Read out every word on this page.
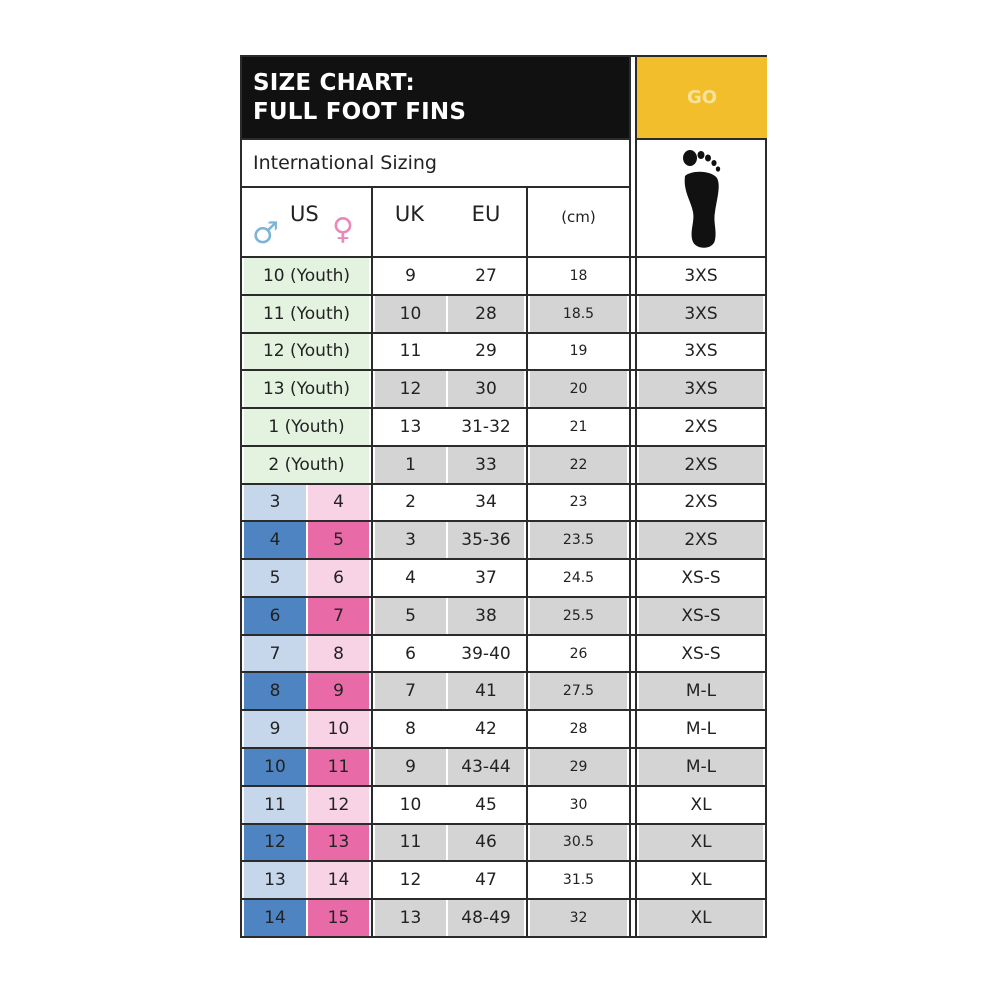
SIZE CHART:
FULL FOOT FINS
GO
International Sizing
♂
US ♀	UK	EU	(cm)
10 (Youth)	9	27	18	3XS
11 (Youth)	10	28	18.5	3XS
12 (Youth)	11	29	19	3XS
13 (Youth)	12	30	20	3XS
1 (Youth)	13	31-32	21	2XS
2 (Youth)	1	33	22	2XS
3	4	2	34	23	2XS
4	5	3	35-36	23.5	2XS
5	6	4	37	24.5	XS-S
6	7	5	38	25.5	XS-S
7	8	6	39-40	26	XS-S
8	9	7	41	27.5	M-L
9	10	8	42	28	M-L
10	11	9	43-44	29	M-L
11	12	10	45	30	XL
12	13	11	46	30.5	XL
13	14	12	47	31.5	XL
14	15	13	48-49	32	XL
